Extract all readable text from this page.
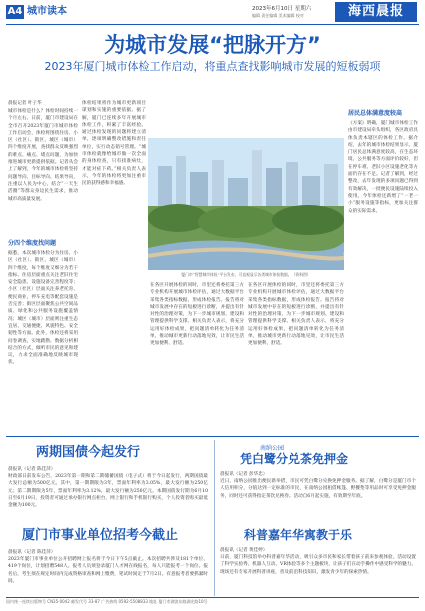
A4 城市读本	2023年6月10日 星期六
编辑 责任编辑 美术编辑 校对	海西晨报
为城市发展“把脉开方”
2023年厦门城市体检工作启动，将重点查找影响城市发展的短板弱项
晨报记者 叶子华
城市体检是什么？体检时间持续一个月左右。日前，厦门市建设局在全市召开2023年厦门市城市体检工作启动会，体检将围绕住房、小区（社区）、街区、城区（城市）四个维度开展，查找群众反映强烈的难点、痛点、堵点问题，为加快推进城市更新提供依据。记者从会上了解到，今年的城市体检将坚持问题导向、目标导向、结果导向，注重以人民为中心，结合“一天生活圈”等群众身边民生需求，推动城市高质量发展。
分四个维度找问题
据悉，本次城市体检分为住房、小区（社区）、街区、城区（城市）四个维度，每个维度又细分为若干指标。住房层面重点关注老旧住宅安全隐患、设施设备完善程度等；小区（社区）层面关注养老托育、便民商业、停车充电等配套设施是否完善；街区层面聚焦公共空间品质、绿化和公共服务设施覆盖情况；城区（城市）层面则注重生态宜居、交通便捷、风貌特色、安全韧性等方面。此外，体检还将采用问卷调查、实地踏勘、数据分析相结合的方式，倾听市民的意见和建议，力求全面准确地反映城市现状。
体检结果将作为城市更新项目谋划和实施的重要依据。据了解，厦门已连续多年开展城市体检工作，积累了丰富经验。通过体检发现的问题将建立清单，逐项明确整改措施和责任单位，实行动态销号管理。“城市体检就像给城市做一次全面的身体检查，只有找准病灶，才能对症下药。”相关负责人表示，今年的体检将更加注重市民的获得感和幸福感。
厦门市“智慧城市体检”平台发布，可直观显示各类城市体检数据。（资料图）
在各区开展体检的同时，市里还将委托第三方专业机构开展城市体检评估，通过大数据平台采集各类指标数据，形成体检报告。报告将对城市发展中存在的短板进行诊断，并提出有针对性的治理对策，为下一步城市规划、建设和管理提供科学支撑。相关负责人表示，将充分运用好体检成果，把问题清单转化为任务清单，推动城市更新行动落地见效，让市民生活更加便利、舒适。
居民总体满意度较高
《方案》明确，厦门城市体检工作由市建设局牵头组织，各区政府具体负责本辖区的体检工作。据介绍，去年的城市体检结果显示，厦门居民总体满意度较高，在生态环境、公共服务等方面评价较好，但在停车难、老旧小区设施老化等方面仍存在不足。记者了解到，经过整改，去年发现的多项问题已得到有效解决，一批便民设施陆续投入使用。今年体检还新增了“一老一小”服务设施等指标，更加关注群众的实际需求。
在各区开展体检的同时，市里还将委托第三方专业机构开展城市体检评估，通过大数据平台采集各类指标数据，形成体检报告。报告将对城市发展中存在的短板进行诊断，并提出有针对性的治理对策，为下一步城市规划、建设和管理提供科学支撑。相关负责人表示，将充分运用好体检成果，把问题清单转化为任务清单，推动城市更新行动落地见效，让市民生活更加便利、舒适。
两期国债今起发行
晨报讯（记者 陈佳萍）
财政部日前发布公告，2023年第一期和第二期储蓄国债（电子式）将于今日起发行，两期国债最大发行总额为500亿元。其中，第一期期限为3年，票面年利率为3.05%，最大发行额为250亿元；第二期期限为5年，票面年利率为3.12%，最大发行额为250亿元。本期国债发行期为6月10日至6月19日，投资者可通过承办银行网点柜台、网上银行和手机银行购买，个人投资者购买最低金额为100元。
厦门市事业单位招考今截止
晨报讯（记者 陈佳萍）
2023年厦门市事业单位公开招聘网上报名将于今日下午5点截止。本次招聘共涉及181个单位、419个岗位，计划招聘548人。报考人员须登录厦门人才网在线报名，每人只能报考一个岗位。报名后，考生须在规定时间内完成资格审查和网上缴费，笔试时间定于7月2日。有意报考者要抓紧时间。
南纳公园
凭白鹭分兑茶免押金
晨报讯（记者 彭华忠）
近日，南纳公园推出便民新举措，市民可凭白鹭分兑换免押金服务。据了解，白鹭分是厦门市个人信用积分，分值达到一定标准的市民，在南纳公园租借帐篷、野餐垫等用品时可享受免押金服务，同时还可获得指定茶饮兑换券。活动自6月起实施，有效期至年底。
科普嘉年华寓教于乐
晨报讯（记者 黄佳婷）
日前，厦门科技馆举办科普嘉年华活动，吸引众多市民和家长带着孩子前来参观体验。活动设置了科学实验秀、机器人互动、VR体验等多个主题板块，让孩子们在动手操作中感受科学的魅力。现场还有专家开展科普讲座，普及前沿科技知识，激发青少年的探索热情。
国内统一连续出版物号 CN35-0042 邮发代号 33-87 广告热线 0592-5508833 地址 厦门市湖滨东路湖光路10号
